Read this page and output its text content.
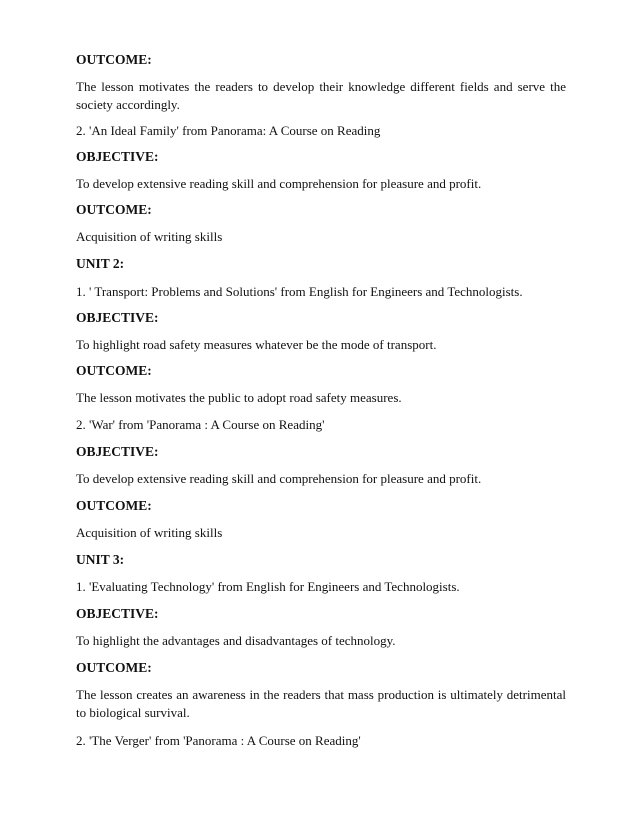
OUTCOME:
The lesson motivates the readers to develop their knowledge different fields and serve the society accordingly.
2. 'An Ideal Family' from Panorama: A Course on Reading
OBJECTIVE:
To develop extensive reading skill and comprehension for pleasure and profit.
OUTCOME:
Acquisition of writing skills
UNIT 2:
1. ' Transport: Problems and Solutions' from English for Engineers and Technologists.
OBJECTIVE:
To highlight road safety measures whatever be the mode of transport.
OUTCOME:
The lesson motivates the public to adopt road safety measures.
2. 'War' from 'Panorama : A Course on Reading'
OBJECTIVE:
To develop extensive reading skill and comprehension for pleasure and profit.
OUTCOME:
Acquisition of writing skills
UNIT 3:
1. 'Evaluating Technology' from English for Engineers and Technologists.
OBJECTIVE:
To highlight the advantages and disadvantages of technology.
OUTCOME:
The lesson creates an awareness in the readers that mass production is ultimately detrimental to biological survival.
2. 'The Verger' from 'Panorama : A Course on Reading'
